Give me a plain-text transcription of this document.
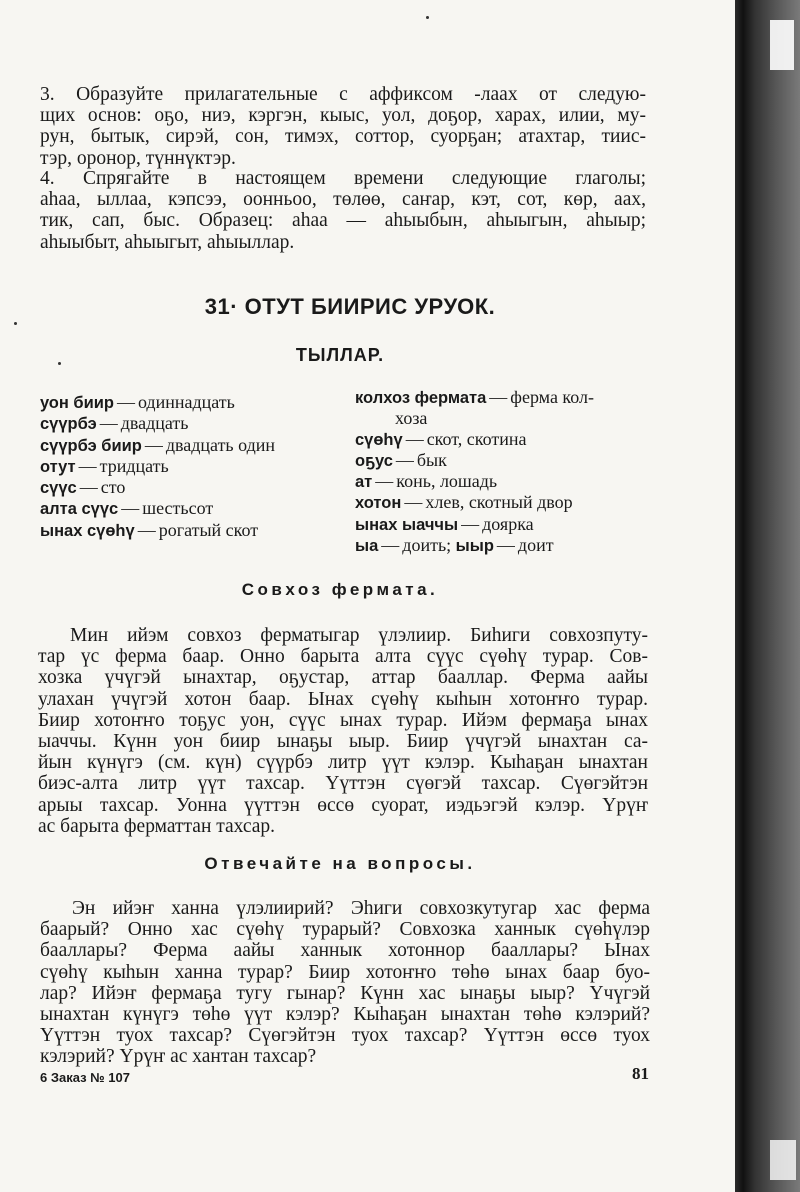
3. Образуйте прилагательные с аффиксом -лаах от следую-
щих основ: оҕо, ниэ, кэргэн, кыыс, уол, доҕор, харах, илии, му-
рун, бытык, сирэй, сон, тимэх, соттор, суорҕан; атахтар, тиис-
тэр, оронор, түннүктэр.
4. Спрягайте в настоящем времени следующие глаголы;
аһаа, ыллаа, кэпсээ, оонньоо, төлөө, саҥар, кэт, сот, көр, аах,
тик, сап, быс. Образец: аһаа — аһыыбын, аһыыгын, аһыыр;
аһыыбыт, аһыыгыт, аһыыллар.
31· ОТУТ БИИРИС УРУОК.
ТЫЛЛАР.
уон биир — одиннадцать
сүүрбэ — двадцать
сүүрбэ биир — двадцать один
отут — тридцать
сүүс — сто
алта сүүс — шестьсот
ынах сүөһү — рогатый скот
колхоз фермата — ферма кол-
хоза
сүөһү — скот, скотина
оҕус — бык
ат — конь, лошадь
хотон — хлев, скотный двор
ынах ыаччы — доярка
ыа — доить; ыыр — доит
Совхоз фермата.
Мин ийэм совхоз ферматыгар үлэлиир. Биһиги совхозпуту-
тар үс ферма баар. Онно барыта алта сүүс сүөһү турар. Сов-
хозка үчүгэй ынахтар, оҕустар, аттар бааллар. Ферма аайы
улахан үчүгэй хотон баар. Ынах сүөһү кыһын хотоҥҥо турар.
Биир хотоҥҥо тоҕус уон, сүүс ынах турар. Ийэм фермаҕа ынах
ыаччы. Күнн уон биир ынаҕы ыыр. Биир үчүгэй ынахтан са-
йын күнүгэ (см. күн) сүүрбэ литр үүт кэлэр. Кыһаҕан ынахтан
биэс-алта литр үүт тахсар. Үүттэн сүөгэй тахсар. Сүөгэйтэн
арыы тахсар. Уонна үүттэн өссө суорат, иэдьэгэй кэлэр. Үрүҥ
ас барыта ферматтан тахсар.
Отвечайте на вопросы.
Эн ийэҥ ханна үлэлиирий? Эһиги совхозкутугар хас ферма
баарый? Онно хас сүөһү турарый? Совхозка ханнык сүөһүлэр
бааллары? Ферма аайы ханнык хотоннор бааллары? Ынах
сүөһү кыһын ханна турар? Биир хотоҥҥо төһө ынах баар буо-
лар? Ийэҥ фермаҕа тугу гынар? Күнн хас ынаҕы ыыр? Үчүгэй
ынахтан күнүгэ төһө үүт кэлэр? Кыһаҕан ынахтан төһө кэлэрий?
Үүттэн туох тахсар? Сүөгэйтэн туох тахсар? Үүттэн өссө туох
кэлэрий? Үрүҥ ас хантан тахсар?
6 Заказ № 107	81
